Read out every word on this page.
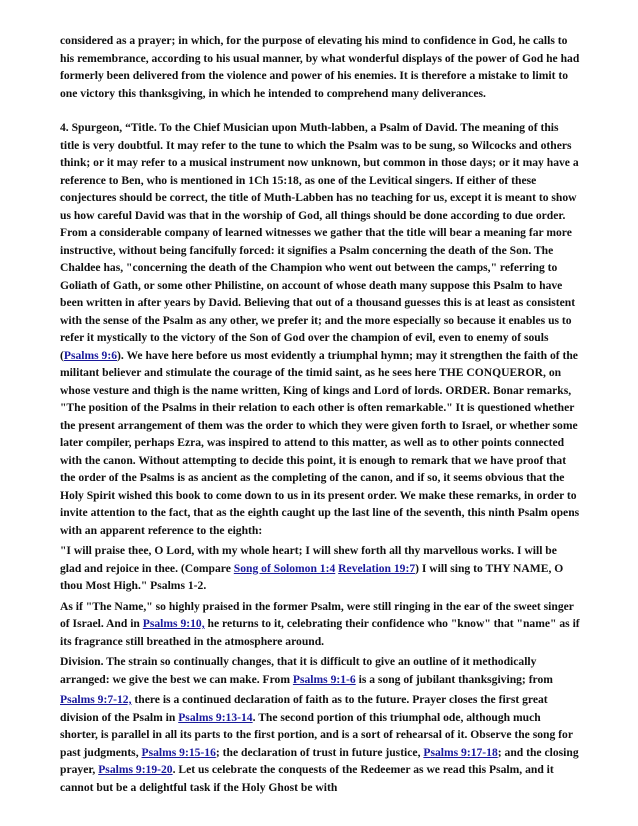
considered as a prayer; in which, for the purpose of elevating his mind to confidence in God, he calls to his remembrance, according to his usual manner, by what wonderful displays of the power of God he had formerly been delivered from the violence and power of his enemies. It is therefore a mistake to limit to one victory this thanksgiving, in which he intended to comprehend many deliverances.

4. Spurgeon, “Title. To the Chief Musician upon Muth-labben, a Psalm of David. The meaning of this title is very doubtful. It may refer to the tune to which the Psalm was to be sung, so Wilcocks and others think; or it may refer to a musical instrument now unknown, but common in those days; or it may have a reference to Ben, who is mentioned in 1Ch 15:18, as one of the Levitical singers. If either of these conjectures should be correct, the title of Muth-Labben has no teaching for us, except it is meant to show us how careful David was that in the worship of God, all things should be done according to due order. From a considerable company of learned witnesses we gather that the title will bear a meaning far more instructive, without being fancifully forced: it signifies a Psalm concerning the death of the Son. The Chaldee has, "concerning the death of the Champion who went out between the camps," referring to Goliath of Gath, or some other Philistine, on account of whose death many suppose this Psalm to have been written in after years by David. Believing that out of a thousand guesses this is at least as consistent with the sense of the Psalm as any other, we prefer it; and the more especially so because it enables us to refer it mystically to the victory of the Son of God over the champion of evil, even to enemy of souls (Psalms 9:6). We have here before us most evidently a triumphal hymn; may it strengthen the faith of the militant believer and stimulate the courage of the timid saint, as he sees here THE CONQUEROR, on whose vesture and thigh is the name written, King of kings and Lord of lords. ORDER. Bonar remarks, "The position of the Psalms in their relation to each other is often remarkable." It is questioned whether the present arrangement of them was the order to which they were given forth to Israel, or whether some later compiler, perhaps Ezra, was inspired to attend to this matter, as well as to other points connected with the canon. Without attempting to decide this point, it is enough to remark that we have proof that the order of the Psalms is as ancient as the completing of the canon, and if so, it seems obvious that the Holy Spirit wished this book to come down to us in its present order. We make these remarks, in order to invite attention to the fact, that as the eighth caught up the last line of the seventh, this ninth Psalm opens with an apparent reference to the eighth:

"I will praise thee, O Lord, with my whole heart; I will shew forth all thy marvellous works. I will be glad and rejoice in thee. (Compare Song of Solomon 1:4 Revelation 19:7) I will sing to THY NAME, O thou Most High." Psalms 1-2.

As if "The Name," so highly praised in the former Psalm, were still ringing in the ear of the sweet singer of Israel. And in Psalms 9:10, he returns to it, celebrating their confidence who "know" that "name" as if its fragrance still breathed in the atmosphere around.

Division. The strain so continually changes, that it is difficult to give an outline of it methodically arranged: we give the best we can make. From Psalms 9:1-6 is a song of jubilant thanksgiving; from

Psalms 9:7-12, there is a continued declaration of faith as to the future. Prayer closes the first great division of the Psalm in Psalms 9:13-14. The second portion of this triumphal ode, although much shorter, is parallel in all its parts to the first portion, and is a sort of rehearsal of it. Observe the song for past judgments, Psalms 9:15-16; the declaration of trust in future justice, Psalms 9:17-18; and the closing prayer, Psalms 9:19-20. Let us celebrate the conquests of the Redeemer as we read this Psalm, and it cannot but be a delightful task if the Holy Ghost be with
